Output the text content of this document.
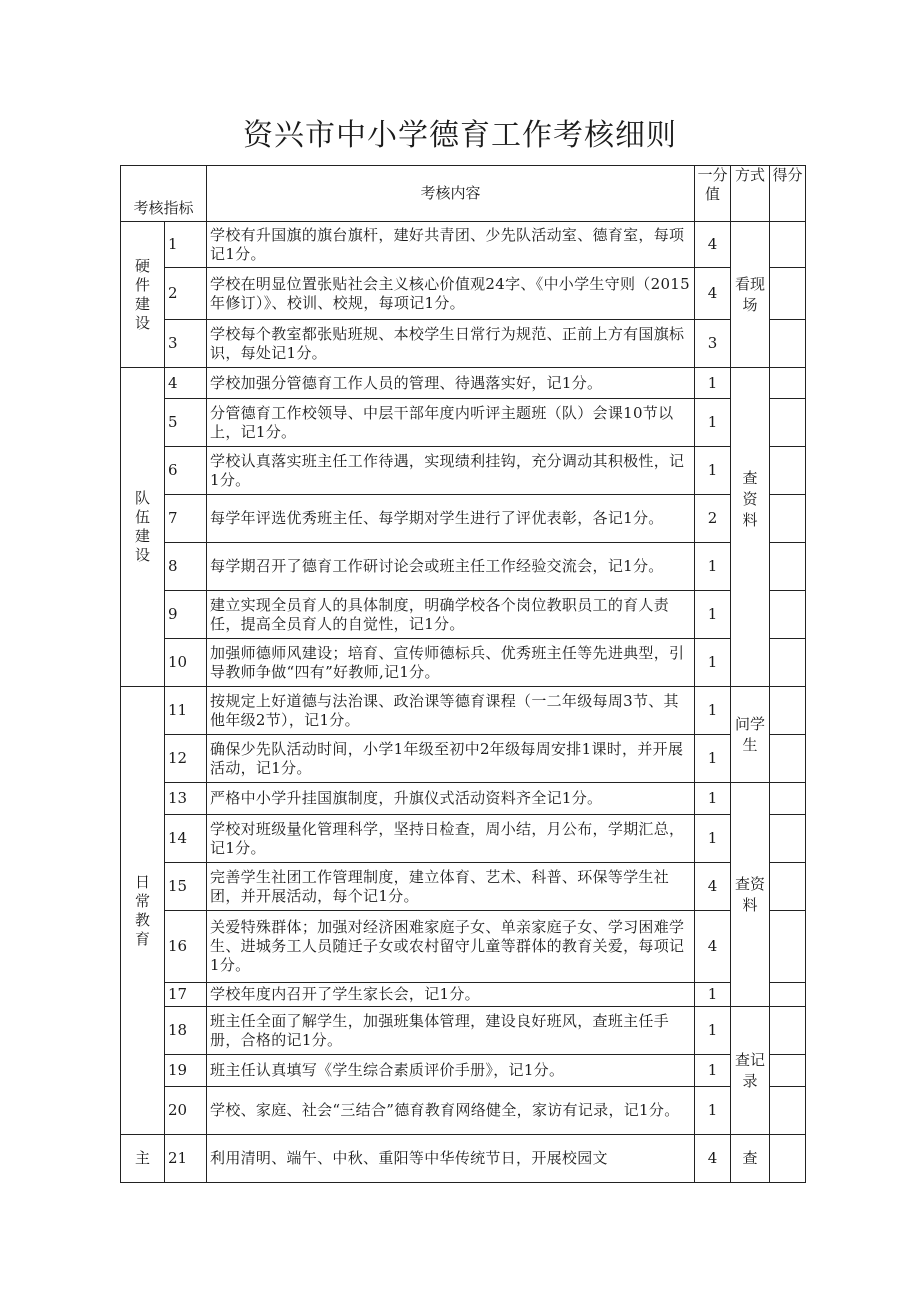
资兴市中小学德育工作考核细则
考核指标		考核内容	一分值	方式	得分
硬件建设	1	学校有升国旗的旗台旗杆，建好共青团、少先队活动室、德育室，每项记1分。	4	看现场	
	2	学校在明显位置张贴社会主义核心价值观24字、《中小学生守则（2015年修订）》、校训、校规，每项记1分。	4		
	3	学校每个教室都张贴班规、本校学生日常行为规范、正前上方有国旗标识，每处记1分。	3		
队伍建设	4	学校加强分管德育工作人员的管理、待遇落实好，记1分。	1	查资料	
	5	分管德育工作校领导、中层干部年度内听评主题班（队）会课10节以上，记1分。	1		
	6	学校认真落实班主任工作待遇，实现绩利挂钩，充分调动其积极性，记1分。	1		
	7	每学年评选优秀班主任、每学期对学生进行了评优表彰，各记1分。	2		
	8	每学期召开了德育工作研讨论会或班主任工作经验交流会，记1分。	1		
	9	建立实现全员育人的具体制度，明确学校各个岗位教职员工的育人责任，提高全员育人的自觉性，记1分。	1		
	10	加强师德师风建设；培育、宣传师德标兵、优秀班主任等先进典型，引导教师争做“四有”好教师,记1分。	1		
日常教育	11	按规定上好道德与法治课、政治课等德育课程（一二年级每周3节、其他年级2节），记1分。	1	问学生	
	12	确保少先队活动时间，小学1年级至初中2年级每周安排1课时，并开展活动，记1分。	1		
	13	严格中小学升挂国旗制度，升旗仪式活动资料齐全记1分。	1	查资料	
	14	学校对班级量化管理科学，坚持日检查，周小结，月公布，学期汇总，记1分。	1		
	15	完善学生社团工作管理制度，建立体育、艺术、科普、环保等学生社团，并开展活动，每个记1分。	4		
	16	关爱特殊群体；加强对经济困难家庭子女、单亲家庭子女、学习困难学生、进城务工人员随迁子女或农村留守儿童等群体的教育关爱，每项记1分。	4		
	17	学校年度内召开了学生家长会，记1分。	1		
	18	班主任全面了解学生，加强班集体管理，建设良好班风，查班主任手册，合格的记1分。	1	查记录	
	19	班主任认真填写《学生综合素质评价手册》，记1分。	1		
	20	学校、家庭、社会“三结合”德育教育网络健全，家访有记录，记1分。	1		
主	21	利用清明、端午、中秋、重阳等中华传统节日，开展校园文	4	查	
